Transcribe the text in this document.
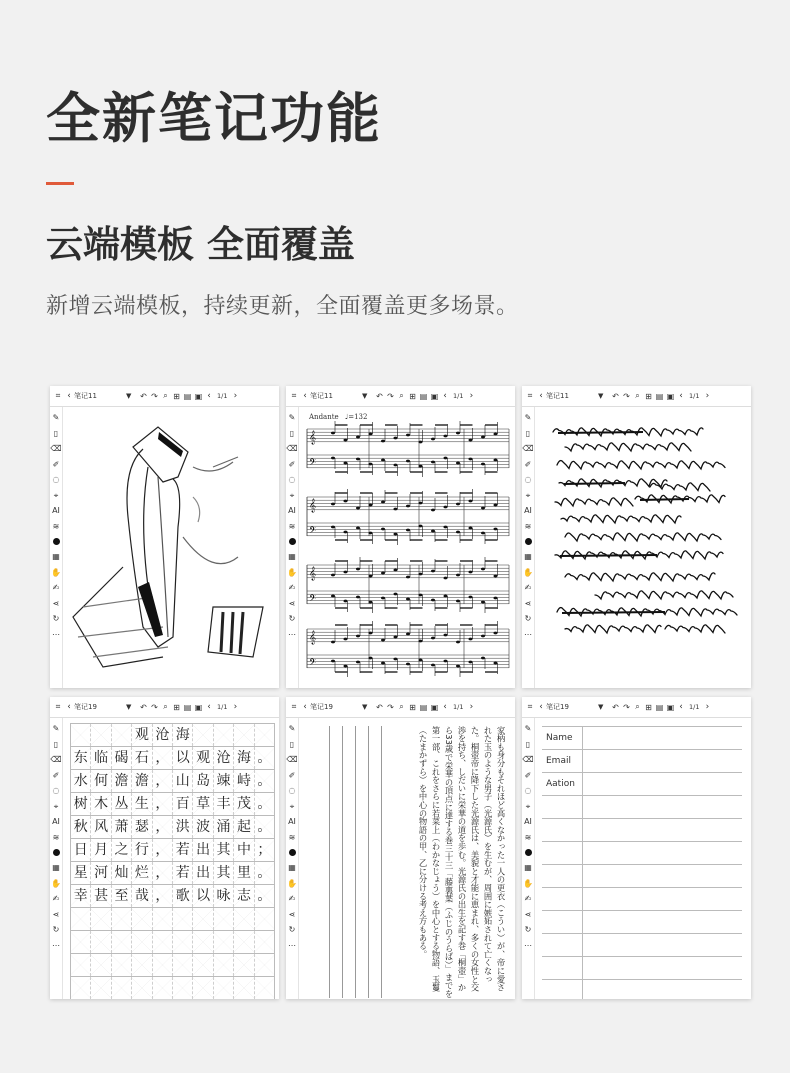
全新笔记功能
云端模板 全面覆盖

新增云端模板，持续更新，全面覆盖更多场景。

⌗ ‹ 笔记11	▼	↶ ↷ ⌕ ⊞ ▤ ▣ ‹ 1/1 ›
✎
▯
⌫
✐
◌
⌖
AI
≋
▦
✋
✍
⋖
↻
⋯
⌗ ‹ 笔记11	▼	↶ ↷ ⌕ ⊞ ▤ ▣ ‹ 1/1 ›
✎
▯
⌫
✐
◌
⌖
AI
≋
▦
✋
✍
⋖
↻
⋯
Andante ♩=132
𝄞
𝄢
𝄞
𝄢
𝄞
𝄢
𝄞
𝄢
⌗ ‹ 笔记11	▼	↶ ↷ ⌕ ⊞ ▤ ▣ ‹ 1/1 ›
✎
▯
⌫
✐
◌
⌖
AI
≋
▦
✋
✍
⋖
↻
⋯
⌗ ‹ 笔记19	▼	↶ ↷ ⌕ ⊞ ▤ ▣ ‹ 1/1 ›
✎
▯
⌫
✐
◌
⌖
AI
≋
▦
✋
✍
⋖
↻
⋯
观 沧 海
东 临 碣 石 ， 以 观 沧 海 。
水 何 澹 澹 ， 山 岛 竦 峙 。
树 木 丛 生 ， 百 草 丰 茂 。
秋 风 萧 瑟 ， 洪 波 涌 起 。
日 月 之 行 ， 若 出 其 中 ；
星 河 灿 烂 ， 若 出 其 里 。
幸 甚 至 哉 ， 歌 以 咏 志 。
⌗ ‹ 笔记19	▼	↶ ↷ ⌕ ⊞ ▤ ▣ ‹ 1/1 ›
✎
▯
⌫
✐
◌
⌖
AI
≋
▦
✋
✍
⋖
↻
⋯	家柄も身分もそれほど高くなかった一人の更衣（こうい）が、帝に愛された玉のような男子（光源氏）を生むが、周囲に嫉妬されて亡くなった。桐壺帝に降下した光源氏は、美貌と才能に恵まれ、多くの女性と交渉を持ち、しだいに栄華の道を歩む。光源氏の出生を記す巻「桐壺」から33歳で栄華の頂点に達する巻三十三「藤裏葉（ふじのうらば）」までを第一部、これをさらに若菜上（わかなじょう）を中心とする物語、玉鬘（たまかずら）を中心の物語の甲、乙に分ける考え方もある。
⌗ ‹ 笔记19	▼	↶ ↷ ⌕ ⊞ ▤ ▣ ‹ 1/1 ›
✎
▯
⌫
✐
◌
⌖
AI
≋
▦
✋
✍
⋖
↻
⋯
Name
Email
Aation
